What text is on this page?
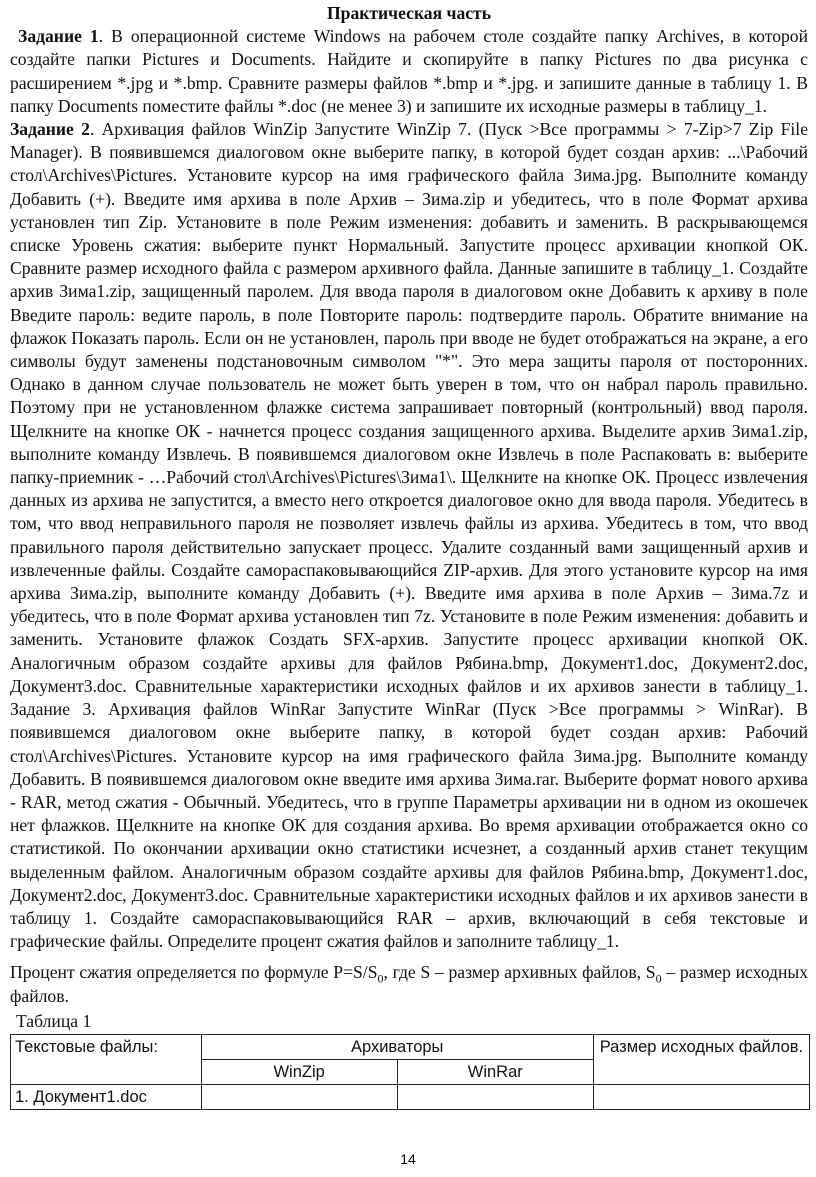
Практическая часть

Задание 1. В операционной системе Windows на рабочем столе создайте папку Archives, в которой создайте папки Pictures и Documents. Найдите и скопируйте в папку Pictures по два рисунка с расширением *.jpg и *.bmp. Сравните размеры файлов *.bmp и *.jpg. и запишите данные в таблицу 1. В папку Documents поместите файлы *.doc (не менее 3) и запишите их исходные размеры в таблицу_1.

Задание 2. Архивация файлов WinZip Запустите WinZip 7. (Пуск >Все программы > 7-Zip>7 Zip File Manager). В появившемся диалоговом окне выберите папку, в которой будет создан архив: ...\Рабочий стол\Archives\Pictures. Установите курсор на имя графического файла Зима.jpg. Выполните команду Добавить (+). Введите имя архива в поле Архив – Зима.zip и убедитесь, что в поле Формат архива установлен тип Zip. Установите в поле Режим изменения: добавить и заменить. В раскрывающемся списке Уровень сжатия: выберите пункт Нормальный. Запустите процесс архивации кнопкой ОК. Сравните размер исходного файла с размером архивного файла. Данные запишите в таблицу_1. Создайте архив Зима1.zip, защищенный паролем. Для ввода пароля в диалоговом окне Добавить к архиву в поле Введите пароль: ведите пароль, в поле Повторите пароль: подтвердите пароль. Обратите внимание на флажок Показать пароль. Если он не установлен, пароль при вводе не будет отображаться на экране, а его символы будут заменены подстановочным символом "*". Это мера защиты пароля от посторонних. Однако в данном случае пользователь не может быть уверен в том, что он набрал пароль правильно. Поэтому при не установленном флажке система запрашивает повторный (контрольный) ввод пароля. Щелкните на кнопке ОК - начнется процесс создания защищенного архива. Выделите архив Зима1.zip, выполните команду Извлечь. В появившемся диалоговом окне Извлечь в поле Распаковать в: выберите папку-приемник - …Рабочий стол\Archives\Pictures\Зима1\. Щелкните на кнопке ОК. Процесс извлечения данных из архива не запустится, а вместо него откроется диалоговое окно для ввода пароля. Убедитесь в том, что ввод неправильного пароля не позволяет извлечь файлы из архива. Убедитесь в том, что ввод правильного пароля действительно запускает процесс. Удалите созданный вами защищенный архив и извлеченные файлы. Создайте самораспаковывающийся ZIP-архив. Для этого установите курсор на имя архива Зима.zip, выполните команду Добавить (+). Введите имя архива в поле Архив – Зима.7z и убедитесь, что в поле Формат архива установлен тип 7z. Установите в поле Режим изменения: добавить и заменить. Установите флажок Создать SFX-архив. Запустите процесс архивации кнопкой ОК. Аналогичным образом создайте архивы для файлов Рябина.bmp, Документ1.doc, Документ2.doc, Документ3.doc. Сравнительные характеристики исходных файлов и их архивов занести в таблицу_1. Задание 3. Архивация файлов WinRar Запустите WinRar (Пуск >Все программы > WinRar). В появившемся диалоговом окне выберите папку, в которой будет создан архив: Рабочий стол\Archives\Pictures. Установите курсор на имя графического файла Зима.jpg. Выполните команду Добавить. В появившемся диалоговом окне введите имя архива Зима.rar. Выберите формат нового архива - RAR, метод сжатия - Обычный. Убедитесь, что в группе Параметры архивации ни в одном из окошечек нет флажков. Щелкните на кнопке ОК для создания архива. Во время архивации отображается окно со статистикой. По окончании архивации окно статистики исчезнет, а созданный архив станет текущим выделенным файлом. Аналогичным образом создайте архивы для файлов Рябина.bmp, Документ1.doc, Документ2.doc, Документ3.doc. Сравнительные характеристики исходных файлов и их архивов занести в таблицу 1. Создайте самораспаковывающийся RAR – архив, включающий в себя текстовые и графические файлы. Определите процент сжатия файлов и заполните таблицу_1.

Процент сжатия определяется по формуле $P=S/S_0$, где S – размер архивных файлов, $S_0$ – размер исходных файлов.

Таблица 1

Текстовые файлы:	Архиваторы		Размер исходных файлов.
	WinZip	WinRar	
1. Документ1.doc			
14
